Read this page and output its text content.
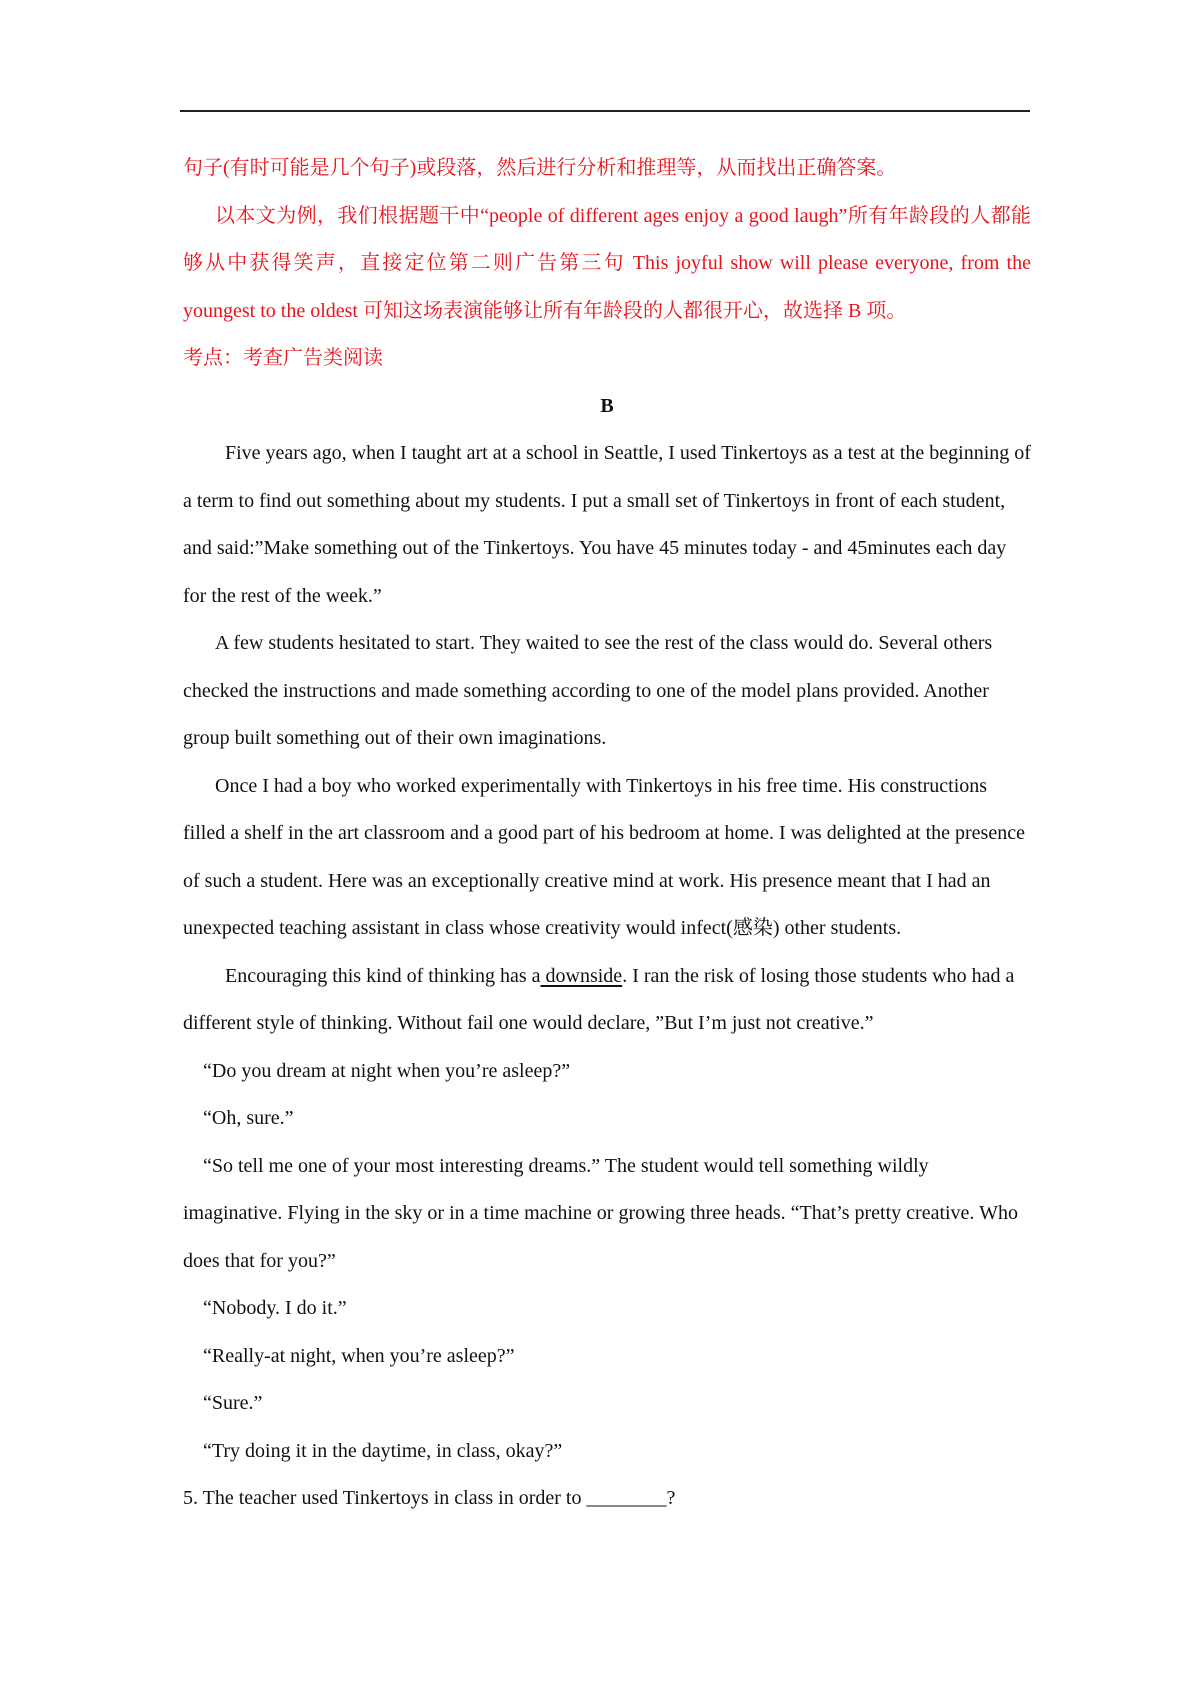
句子(有时可能是几个句子)或段落，然后进行分析和推理等，从而找出正确答案。

以本文为例，我们根据题干中“people of different ages enjoy a good laugh”所有年龄段的人都能够从中获得笑声，直接定位第二则广告第三句 This joyful show will please everyone, from the youngest to the oldest 可知这场表演能够让所有年龄段的人都很开心，故选择 B 项。

考点：考查广告类阅读

B

Five years ago, when I taught art at a school in Seattle, I used Tinkertoys as a test at the beginning of a term to find out something about my students. I put a small set of Tinkertoys in front of each student, and said:”Make something out of the Tinkertoys. You have 45 minutes today - and 45minutes each day for the rest of the week.”

A few students hesitated to start. They waited to see the rest of the class would do. Several others checked the instructions and made something according to one of the model plans provided. Another group built something out of their own imaginations.

Once I had a boy who worked experimentally with Tinkertoys in his free time. His constructions filled a shelf in the art classroom and a good part of his bedroom at home. I was delighted at the presence of such a student. Here was an exceptionally creative mind at work. His presence meant that I had an unexpected teaching assistant in class whose creativity would infect(感染) other students.

Encouraging this kind of thinking has a downside. I ran the risk of losing those students who had a different style of thinking. Without fail one would declare, ”But I’m just not creative.”

“Do you dream at night when you’re asleep?”

“Oh, sure.”

“So tell me one of your most interesting dreams.” The student would tell something wildly imaginative. Flying in the sky or in a time machine or growing three heads. “That’s pretty creative. Who does that for you?”

“Nobody. I do it.”

“Really-at night, when you’re asleep?”

“Sure.”

“Try doing it in the daytime, in class, okay?”

5. The teacher used Tinkertoys in class in order to ________?
